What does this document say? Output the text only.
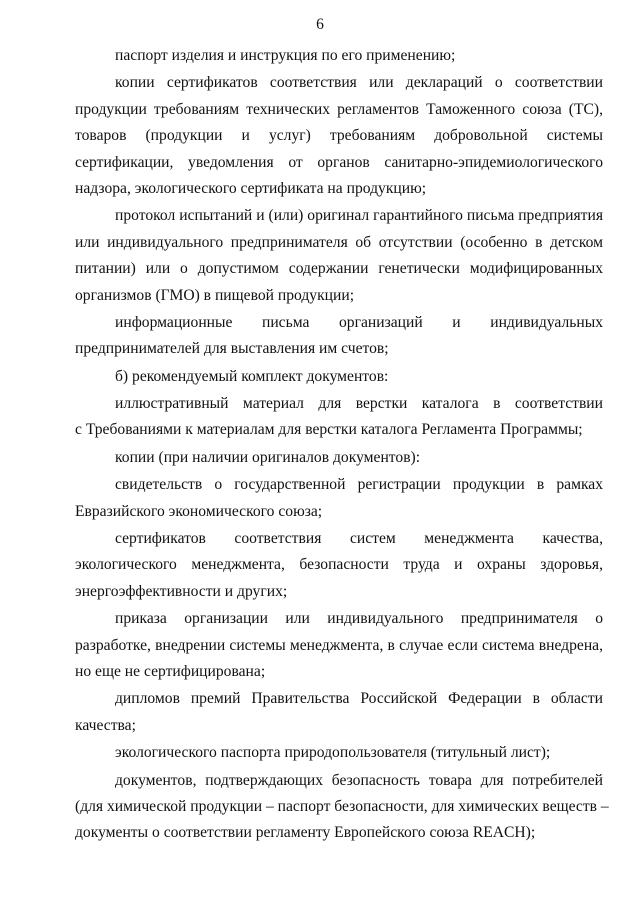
6
паспорт изделия и инструкция по его применению;
копии сертификатов соответствия или деклараций о соответствии
продукции требованиям технических регламентов Таможенного союза (ТС),
товаров (продукции и услуг) требованиям добровольной системы
сертификации, уведомления от органов санитарно-эпидемиологического
надзора, экологического сертификата на продукцию;
протокол испытаний и (или) оригинал гарантийного письма предприятия
или индивидуального предпринимателя об отсутствии (особенно в детском
питании) или о допустимом содержании генетически модифицированных
организмов (ГМО) в пищевой продукции;
информационные письма организаций и индивидуальных
предпринимателей для выставления им счетов;
б) рекомендуемый комплект документов:
иллюстративный материал для верстки каталога в соответствии
с Требованиями к материалам для верстки каталога Регламента Программы;
копии (при наличии оригиналов документов):
свидетельств о государственной регистрации продукции в рамках
Евразийского экономического союза;
сертификатов соответствия систем менеджмента качества,
экологического менеджмента, безопасности труда и охраны здоровья,
энергоэффективности и других;
приказа организации или индивидуального предпринимателя о
разработке, внедрении системы менеджмента, в случае если система внедрена,
но еще не сертифицирована;
дипломов премий Правительства Российской Федерации в области
качества;
экологического паспорта природопользователя (титульный лист);
документов, подтверждающих безопасность товара для потребителей
(для химической продукции – паспорт безопасности, для химических веществ –
документы о соответствии регламенту Европейского союза REACH);
